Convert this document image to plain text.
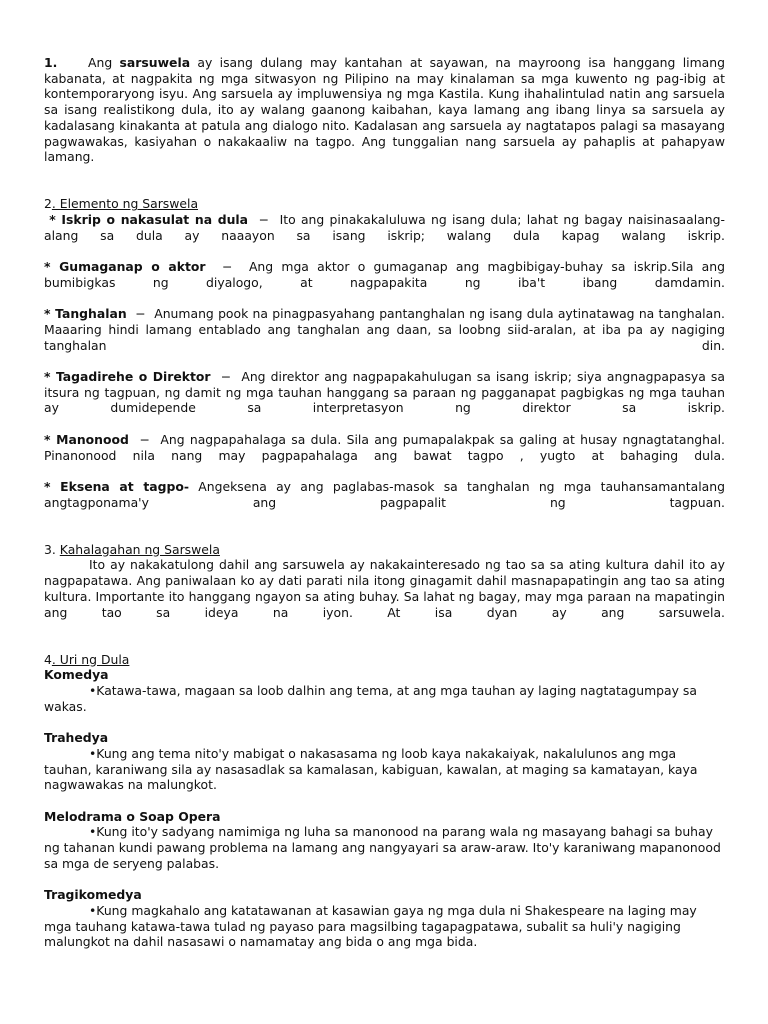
1. Ang sarsuwela ay isang dulang may kantahan at sayawan, na mayroong isa hanggang limang kabanata, at nagpakita ng mga sitwasyon ng Pilipino na may kinalaman sa mga kuwento ng pag-ibig at kontemporaryong isyu. Ang sarsuela ay impluwensiya ng mga Kastila. Kung ihahalintulad natin ang sarsuela sa isang realistikong dula, ito ay walang gaanong kaibahan, kaya lamang ang ibang linya sa sarsuela ay kadalasang kinakanta at patula ang dialogo nito. Kadalasan ang sarsuela ay nagtatapos palagi sa masayang pagwawakas, kasiyahan o nakakaaliw na tagpo. Ang tunggalian nang sarsuela ay pahaplis at pahapyaw lamang.

2. Elemento ng Sarswela

* Iskrip o nakasulat na dula − Ito ang pinakakaluluwa ng isang dula; lahat ng bagay naisinasaalang-alang sa dula ay naaayon sa isang iskrip; walang dula kapag walang iskrip.

* Gumaganap o aktor − Ang mga aktor o gumaganap ang magbibigay-buhay sa iskrip.Sila ang bumibigkas ng diyalogo, at nagpapakita ng iba't ibang damdamin.

* Tanghalan − Anumang pook na pinagpasyahang pantanghalan ng isang dula aytinatawag na tanghalan. Maaaring hindi lamang entablado ang tanghalan ang daan, sa loobng siid-aralan, at iba pa ay nagiging tanghalan din.

* Tagadirehe o Direktor − Ang direktor ang nagpapakahulugan sa isang iskrip; siya angnagpapasya sa itsura ng tagpuan, ng damit ng mga tauhan hanggang sa paraan ng pagganapat pagbigkas ng mga tauhan ay dumidepende sa interpretasyon ng direktor sa iskrip.

* Manonood − Ang nagpapahalaga sa dula. Sila ang pumapalakpak sa galing at husay ngnagtatanghal. Pinanonood nila nang may pagpapahalaga ang bawat tagpo , yugto at bahaging dula.

* Eksena at tagpo- Angeksena ay ang paglabas-masok sa tanghalan ng mga tauhansamantalang angtagponama'y ang pagpapalit ng tagpuan.

3. Kahalagahan ng Sarswela

Ito ay nakakatulong dahil ang sarsuwela ay nakakainteresado ng tao sa sa ating kultura dahil ito ay nagpapatawa. Ang paniwalaan ko ay dati parati nila itong ginagamit dahil masnapapatingin ang tao sa ating kultura. Importante ito hanggang ngayon sa ating buhay. Sa lahat ng bagay, may mga paraan na mapatingin ang tao sa ideya na iyon. At isa dyan ay ang sarsuwela.

4. Uri ng Dula

Komedya

•Katawa-tawa, magaan sa loob dalhin ang tema, at ang mga tauhan ay laging nagtatagumpay sa wakas.

Trahedya

•Kung ang tema nito'y mabigat o nakasasama ng loob kaya nakakaiyak, nakalulunos ang mga tauhan, karaniwang sila ay nasasadlak sa kamalasan, kabiguan, kawalan, at maging sa kamatayan, kaya nagwawakas na malungkot.

Melodrama o Soap Opera

•Kung ito'y sadyang namimiga ng luha sa manonood na parang wala ng masayang bahagi sa buhay ng tahanan kundi pawang problema na lamang ang nangyayari sa araw-araw. Ito'y karaniwang mapanonood sa mga de seryeng palabas.

Tragikomedya

•Kung magkahalo ang katatawanan at kasawian gaya ng mga dula ni Shakespeare na laging may mga tauhang katawa-tawa tulad ng payaso para magsilbing tagapagpatawa, subalit sa huli'y nagiging malungkot na dahil nasasawi o namamatay ang bida o ang mga bida.
